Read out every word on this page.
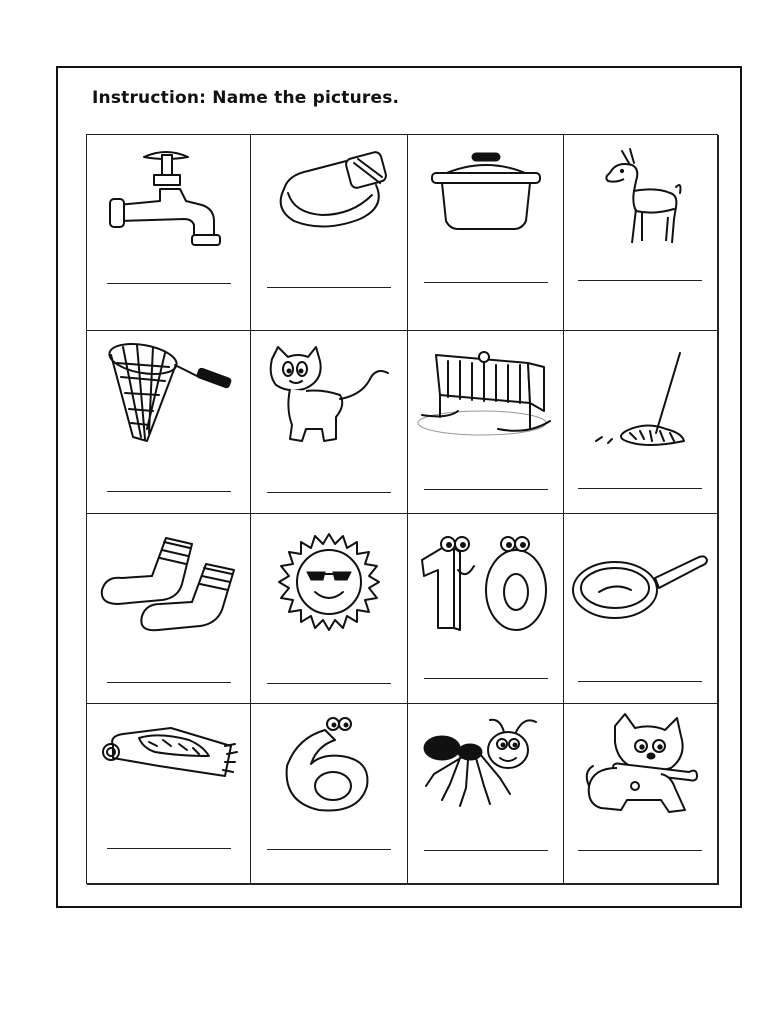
Instruction: Name the pictures.
